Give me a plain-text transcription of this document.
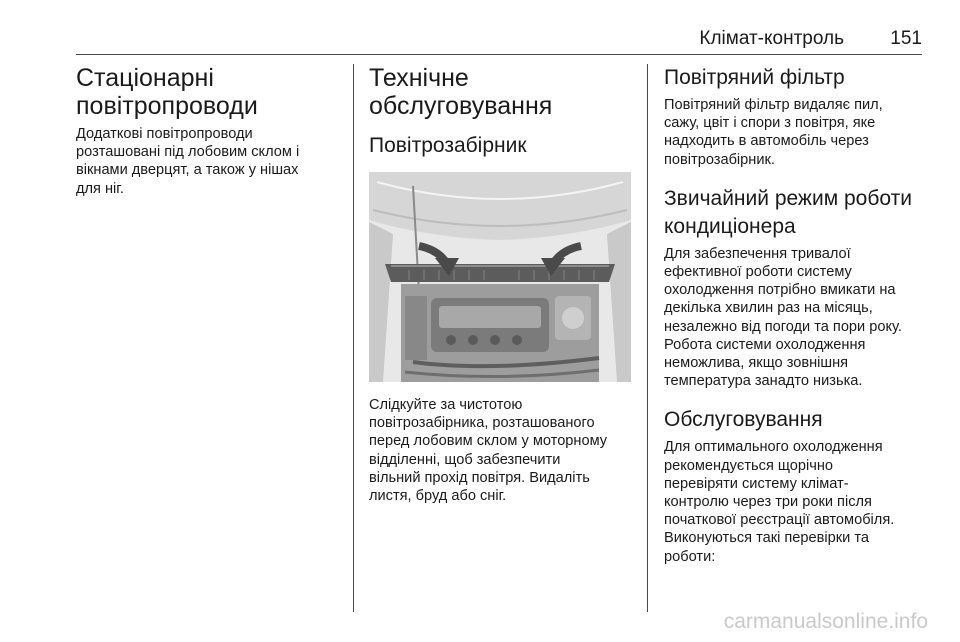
Клімат-контроль 151
Стаціонарні
повітропроводи

Додаткові повітропроводи
розташовані під лобовим склом і
вікнами дверцят, а також у нішах
для ніг.

Технічне
обслуговування
Повітрозабірник

Слідкуйте за чистотою
повітрозабірника, розташованого
перед лобовим склом у моторному
відділенні, щоб забезпечити
вільний прохід повітря. Видаліть
листя, бруд або сніг.

Повітряний фільтр

Повітряний фільтр видаляє пил,
сажу, цвіт і спори з повітря, яке
надходить в автомобіль через
повітрозабірник.

Звичайний режим роботи
кондиціонера

Для забезпечення тривалої
ефективної роботи систему
охолодження потрібно вмикати на
декілька хвилин раз на місяць,
незалежно від погоди та пори року.
Робота системи охолодження
неможлива, якщо зовнішня
температура занадто низька.

Обслуговування

Для оптимального охолодження
рекомендується щорічно
перевіряти систему клімат-
контролю через три роки після
початкової реєстрації автомобіля.
Виконуються такі перевірки та
роботи:

carmanualsonline.info
